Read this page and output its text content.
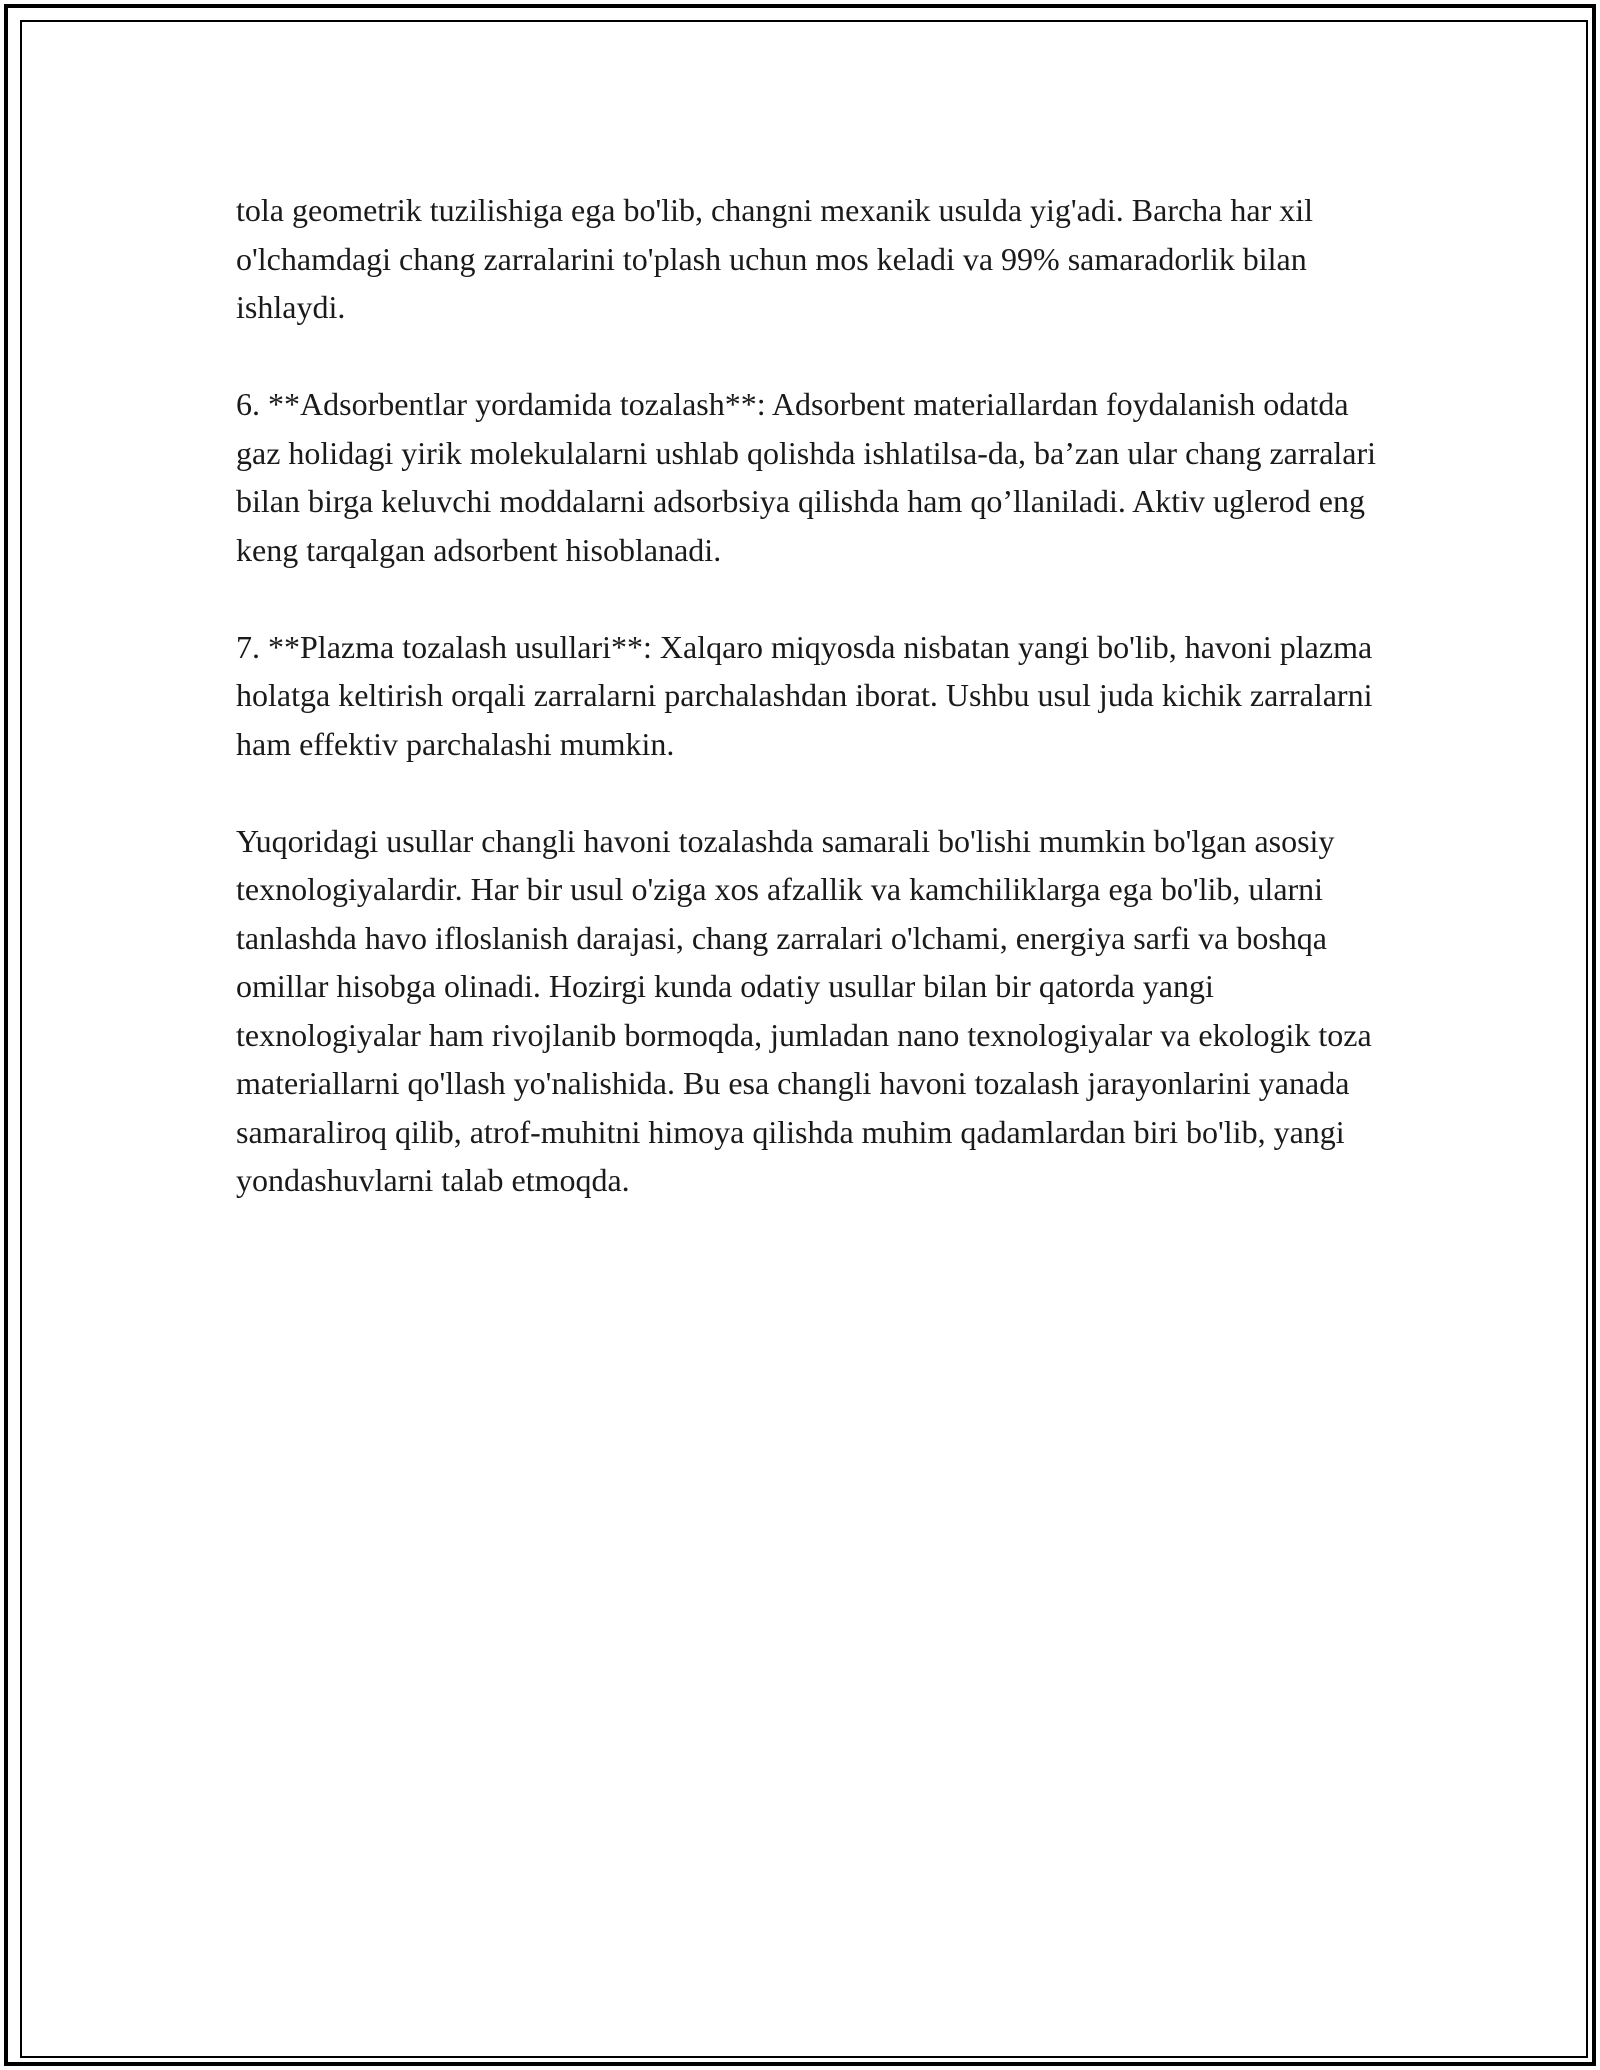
tola geometrik tuzilishiga ega bo'lib, changni mexanik usulda yig'adi. Barcha har xil o'lchamdagi chang zarralarini to'plash uchun mos keladi va 99% samaradorlik bilan ishlaydi.

6. **Adsorbentlar yordamida tozalash**: Adsorbent materiallardan foydalanish odatda gaz holidagi yirik molekulalarni ushlab qolishda ishlatilsa-da, ba’zan ular chang zarralari bilan birga keluvchi moddalarni adsorbsiya qilishda ham qo’llaniladi. Aktiv uglerod eng keng tarqalgan adsorbent hisoblanadi.

7. **Plazma tozalash usullari**: Xalqaro miqyosda nisbatan yangi bo'lib, havoni plazma holatga keltirish orqali zarralarni parchalashdan iborat. Ushbu usul juda kichik zarralarni ham effektiv parchalashi mumkin.

Yuqoridagi usullar changli havoni tozalashda samarali bo'lishi mumkin bo'lgan asosiy texnologiyalardir. Har bir usul o'ziga xos afzallik va kamchiliklarga ega bo'lib, ularni tanlashda havo ifloslanish darajasi, chang zarralari o'lchami, energiya sarfi va boshqa omillar hisobga olinadi. Hozirgi kunda odatiy usullar bilan bir qatorda yangi texnologiyalar ham rivojlanib bormoqda, jumladan nano texnologiyalar va ekologik toza materiallarni qo'llash yo'nalishida. Bu esa changli havoni tozalash jarayonlarini yanada samaraliroq qilib, atrof-muhitni himoya qilishda muhim qadamlardan biri bo'lib, yangi yondashuvlarni talab etmoqda.
